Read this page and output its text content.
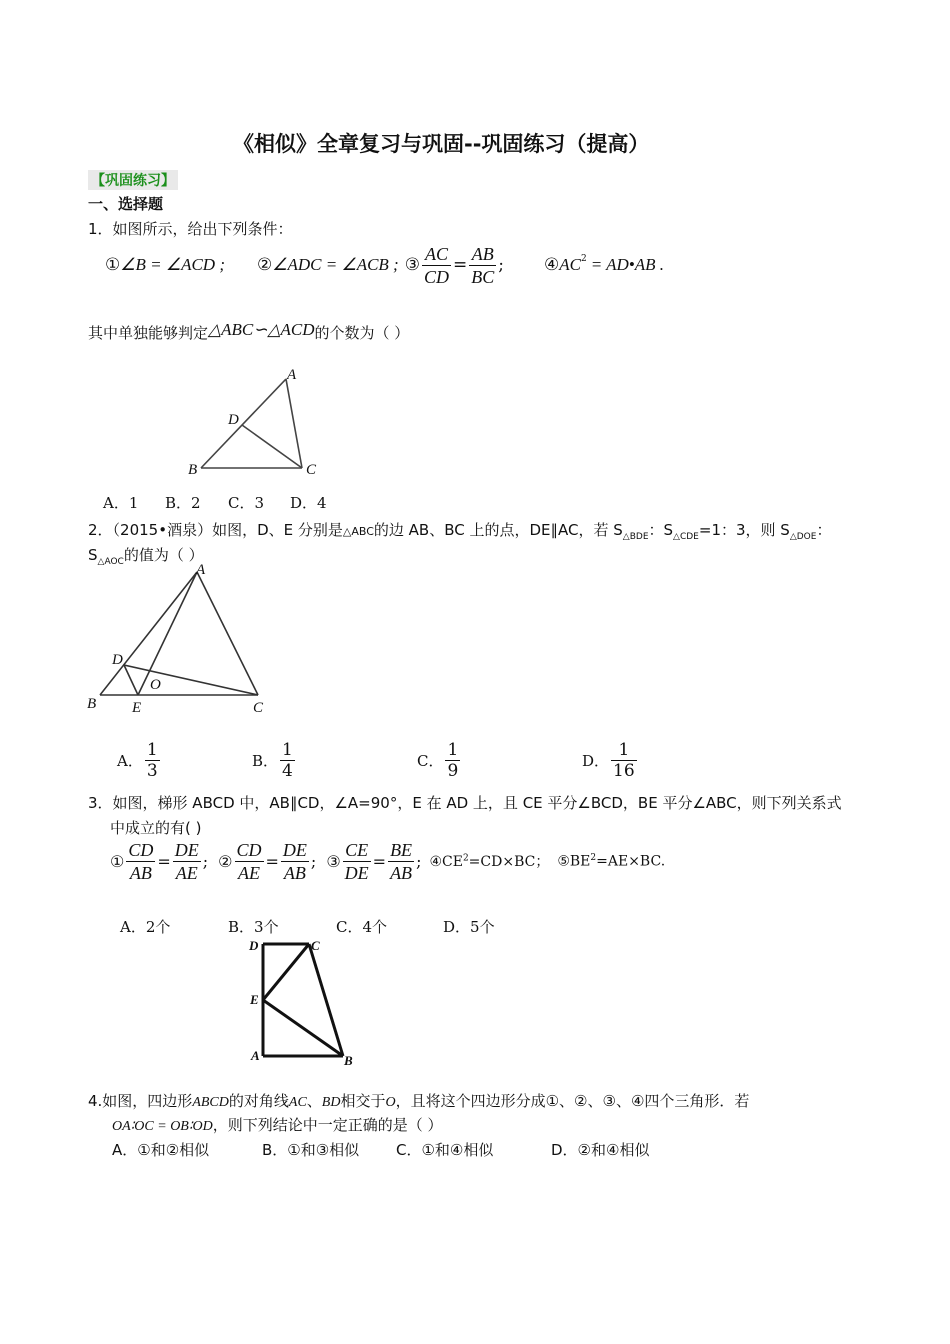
《相似》全章复习与巩固--巩固练习（提高）
【巩固练习】
一、选择题
1．如图所示，给出下列条件：
① ∠B = ∠ACD ; ② ∠ADC = ∠ACB ; ③ $\frac{AC}{CD} = \frac{AB}{BC}$ ; ④ $AC^2$ = AD•AB .
其中单独能够判定△ABC∽△ACD的个数为（ ）
A
D
B	C
A．1 B．2 C．3 D．4
2．（2015•酒泉）如图，D、E 分别是△ABC的边 AB、BC 上的点，DE∥AC，若 $S_{\triangle BDE}$：$S_{\triangle CDE}=1$：3，则 $S_{\triangle DOE}$：
$S_{\triangle AOC}$的值为（ ）
A
D
O
B E	C
A． $\frac{1}{3}$	B． $\frac{1}{4}$	C． $\frac{1}{9}$	D． $\frac{1}{16}$
3．如图，梯形 ABCD 中，AB∥CD，∠A=90°，E 在 AD 上，且 CE 平分∠BCD，BE 平分∠ABC，则下列关系式
中成立的有( )
① $\frac{CD}{AB} = \frac{DE}{AE}$ ; ② $\frac{CD}{AE} = \frac{DE}{AB}$ ; ③ $\frac{CE}{DE} = \frac{BE}{AB}$ ; $④CE^2=CD\times BC$； $⑤BE^2=AE\times BC$.
A．2个	B．3个	C．4个	D．5个
D	C
E
A	B
4.如图，四边形ABCD的对角线AC、BD相交于O，且将这个四边形分成①、②、③、④四个三角形．若
OA∶OC = OB∶OD，则下列结论中一定正确的是（ ）
A．①和②相似	B．①和③相似 C．①和④相似	D．②和④相似
